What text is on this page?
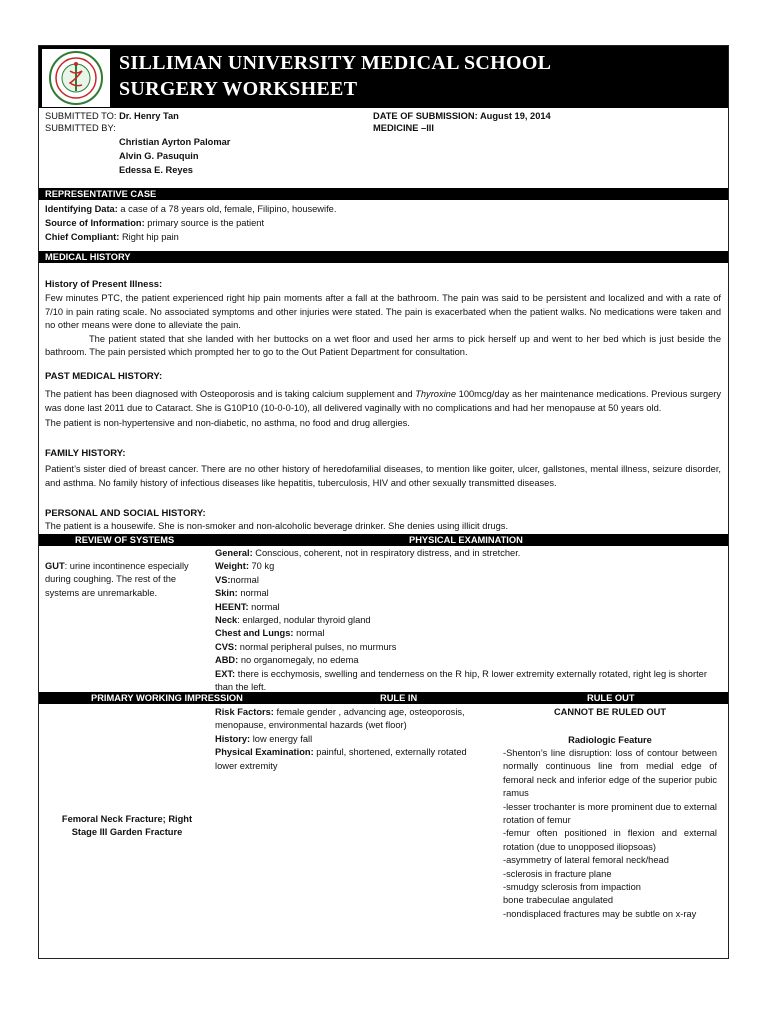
SILLIMAN UNIVERSITY MEDICAL SCHOOL
SURGERY WORKSHEET
SUBMITTED TO: Dr. Henry Tan
SUBMITTED BY:
Christian Ayrton Palomar
Alvin G. Pasuquin
Edessa E. Reyes
DATE OF SUBMISSION: August 19, 2014
MEDICINE –III
REPRESENTATIVE CASE
Identifying Data: a case of a 78 years old, female, Filipino, housewife.
Source of Information: primary source is the patient
Chief Compliant: Right hip pain
MEDICAL HISTORY
History of Present Illness:

Few minutes PTC, the patient experienced right hip pain moments after a fall at the bathroom. The pain was said to be persistent and localized and with a rate of 7/10 in pain rating scale. No associated symptoms and other injuries were stated. The pain is exacerbated when the patient walks. No medications were taken and no other means were done to alleviate the pain.

The patient stated that she landed with her buttocks on a wet floor and used her arms to pick herself up and went to her bed which is just beside the bathroom. The pain persisted which prompted her to go to the Out Patient Department for consultation.

PAST MEDICAL HISTORY:

The patient has been diagnosed with Osteoporosis and is taking calcium supplement and Thyroxine 100mcg/day as her maintenance medications. Previous surgery was done last 2011 due to Cataract. She is G10P10 (10-0-0-10), all delivered vaginally with no complications and had her menopause at 50 years old.

The patient is non-hypertensive and non-diabetic, no asthma, no food and drug allergies.

FAMILY HISTORY:
Patient’s sister died of breast cancer. There are no other history of heredofamilial diseases, to mention like goiter, ulcer, gallstones, mental illness, seizure disorder, and asthma. No family history of infectious diseases like hepatitis, tuberculosis, HIV and other sexually transmitted diseases.
PERSONAL AND SOCIAL HISTORY:
The patient is a housewife. She is non-smoker and non-alcoholic beverage drinker. She denies using illicit drugs.
REVIEW OF SYSTEMS	PHYSICAL EXAMINATION
GUT: urine incontinence especially during coughing. The rest of the systems are unremarkable.

General: Conscious, coherent, not in respiratory distress, and in stretcher.

Weight: 70 kg

VS:normal

Skin: normal

HEENT: normal

Neck: enlarged, nodular thyroid gland

Chest and Lungs: normal

CVS: normal peripheral pulses, no murmurs

ABD: no organomegaly, no edema

EXT: there is ecchymosis, swelling and tenderness on the R hip, R lower extremity externally rotated, right leg is shorter than the left.

PRIMARY WORKING IMPRESSION	RULE IN	RULE OUT

Femoral Neck Fracture; Right

Stage III Garden Fracture

Risk Factors: female gender , advancing age, osteoporosis, menopause, environmental hazards (wet floor)

History: low energy fall

Physical Examination: painful, shortened, externally rotated lower extremity

CANNOT BE RULED OUT
Radiologic Feature

-Shenton’s line disruption: loss of contour between normally continuous line from medial edge of femoral neck and inferior edge of the superior pubic ramus

-lesser trochanter is more prominent due to external rotation of femur

-femur often positioned in flexion and external rotation (due to unopposed iliopsoas)

-asymmetry of lateral femoral neck/head

-sclerosis in fracture plane

-smudgy sclerosis from impaction

bone trabeculae angulated

-nondisplaced fractures may be subtle on x-ray
